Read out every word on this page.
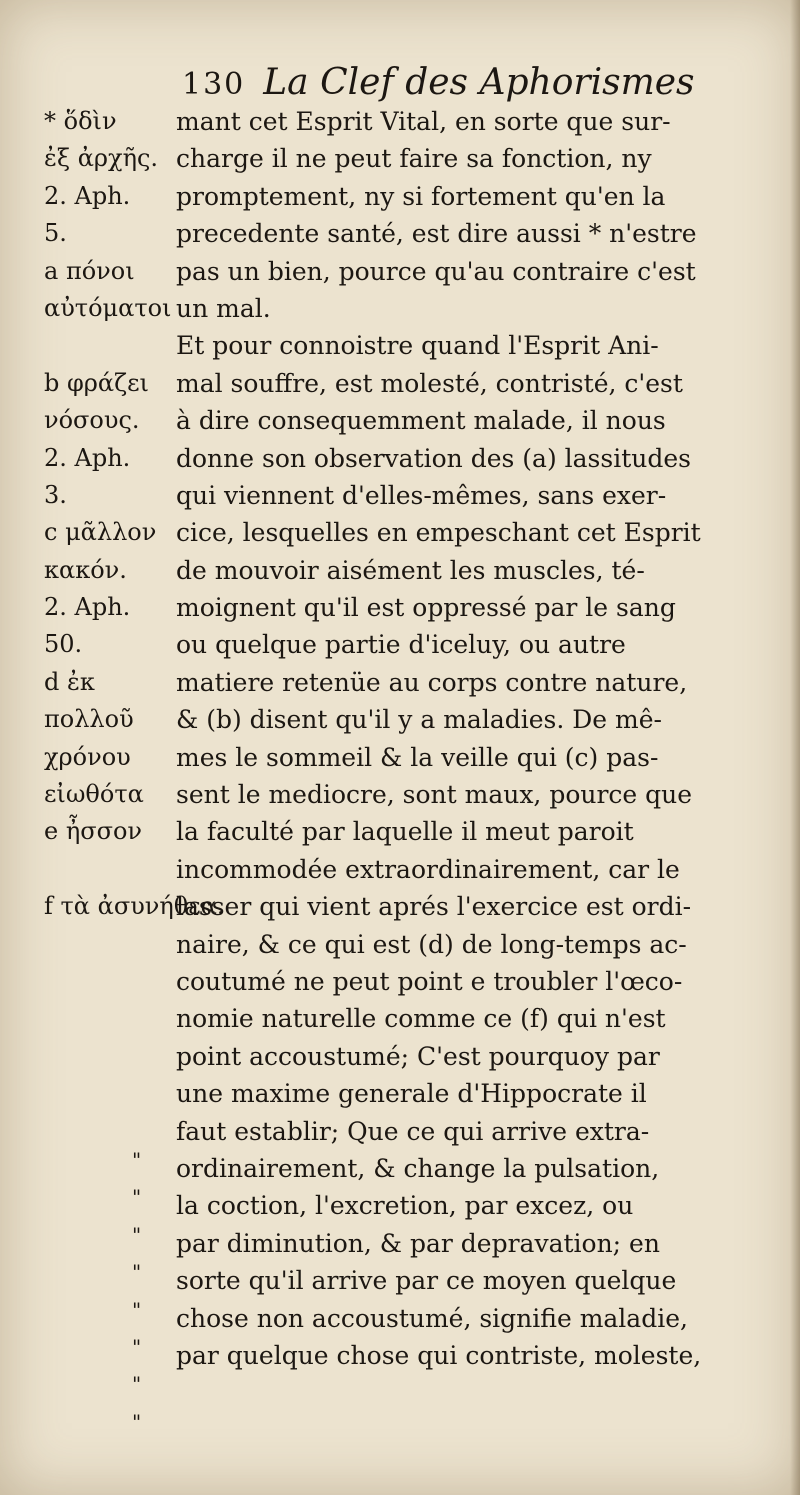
130 La Clef des Aphorismes
* ὅδὶν
ἐξ ἀρχῆς.
2. Aph.
5.
a πόνοι
αὐτόματοι
b φράζει
νόσους.
2. Aph.
3.
c μᾶλλον
κακόν.
2. Aph.
50.
d ἐκ
πολλοῦ
χρόνου
εἰωθότα
e ἦσσον
f τὰ ἀσυνήθεα.
mant cet Esprit Vital, en sorte que sur-
charge il ne peut faire sa fonction, ny
promptement, ny si fortement qu'en la
precedente santé, est dire aussi * n'estre
pas un bien, pource qu'au contraire c'est
un mal.
Et pour connoistre quand l'Esprit Ani-
mal souffre, est molesté, contristé, c'est
à dire consequemment malade, il nous
donne son observation des (a) lassitudes
qui viennent d'elles-mêmes, sans exer-
cice, lesquelles en empeschant cet Esprit
de mouvoir aisément les muscles, té-
moignent qu'il est oppressé par le sang
ou quelque partie d'iceluy, ou autre
matiere retenüe au corps contre nature,
& (b) disent qu'il y a maladies. De mê-
mes le sommeil & la veille qui (c) pas-
sent le mediocre, sont maux, pource que
la faculté par laquelle il meut paroit
incommodée extraordinairement, car le
lasser qui vient aprés l'exercice est ordi-
naire, & ce qui est (d) de long-temps ac-
coutumé ne peut point e troubler l'œco-
nomie naturelle comme ce (f) qui n'est
point accoustumé; C'est pourquoy par
une maxime generale d'Hippocrate il
faut establir; Que ce qui arrive extra-
ordinairement, & change la pulsation,
la coction, l'excretion, par excez, ou
par diminution, & par depravation; en
sorte qu'il arrive par ce moyen quelque
chose non accoustumé, signifie maladie,
par quelque chose qui contriste, moleste,
"
"
"
"
"
"
"
"
